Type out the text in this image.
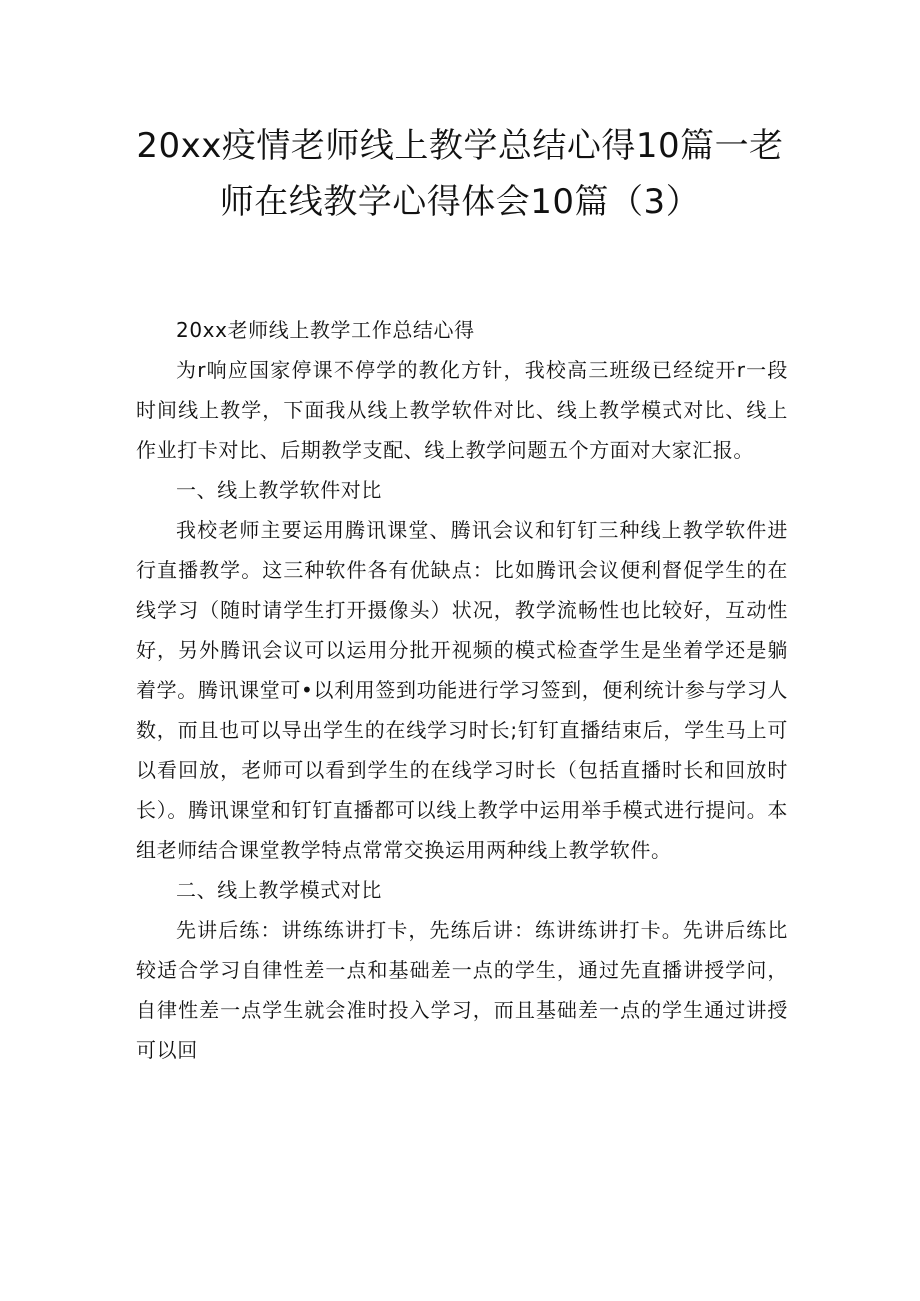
20xx疫情老师线上教学总结心得10篇一老师在线教学心得体会10篇（3）

20xx老师线上教学工作总结心得

为r响应国家停课不停学的教化方针，我校高三班级已经绽开r一段时间线上教学，下面我从线上教学软件对比、线上教学模式对比、线上作业打卡对比、后期教学支配、线上教学问题五个方面对大家汇报。

一、线上教学软件对比

我校老师主要运用腾讯课堂、腾讯会议和钉钉三种线上教学软件进行直播教学。这三种软件各有优缺点：比如腾讯会议便利督促学生的在线学习（随时请学生打开摄像头）状况，教学流畅性也比较好，互动性好，另外腾讯会议可以运用分批开视频的模式检查学生是坐着学还是躺着学。腾讯课堂可•以利用签到功能进行学习签到，便利统计参与学习人数，而且也可以导出学生的在线学习时长;钉钉直播结束后，学生马上可以看回放，老师可以看到学生的在线学习时长（包括直播时长和回放时长）。腾讯课堂和钉钉直播都可以线上教学中运用举手模式进行提问。本组老师结合课堂教学特点常常交换运用两种线上教学软件。

二、线上教学模式对比

先讲后练：讲练练讲打卡，先练后讲：练讲练讲打卡。先讲后练比较适合学习自律性差一点和基础差一点的学生，通过先直播讲授学问，自律性差一点学生就会准时投入学习，而且基础差一点的学生通过讲授可以回
